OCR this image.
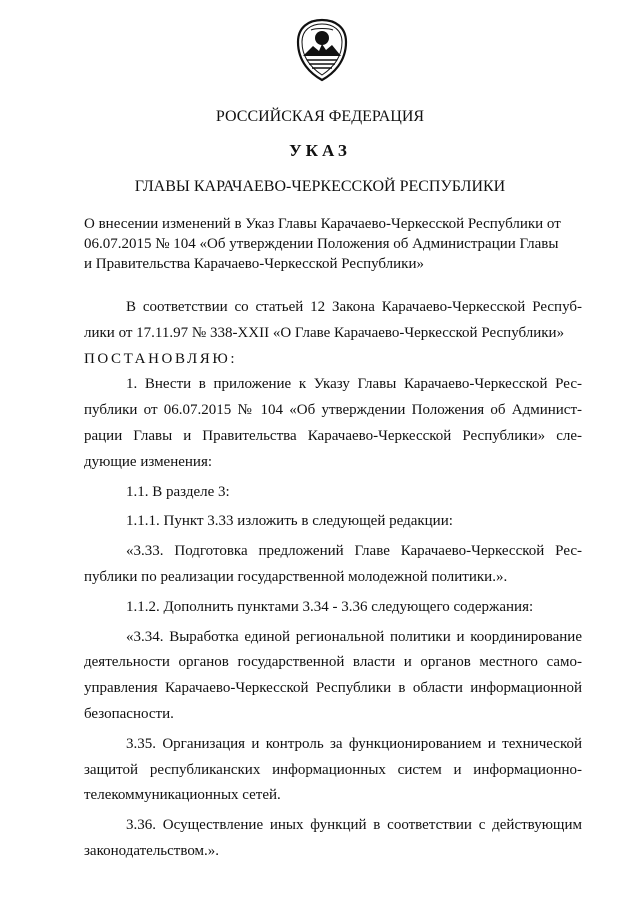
РОССИЙСКАЯ ФЕДЕРАЦИЯ
УКАЗ
ГЛАВЫ КАРАЧАЕВО-ЧЕРКЕССКОЙ РЕСПУБЛИКИ
О внесении изменений в Указ Главы Карачаево-Черкесской Республики от
06.07.2015 № 104 «Об утверждении Положения об Администрации Главы
и Правительства Карачаево-Черкесской Республики»

В соответствии со статьей 12 Закона Карачаево-Черкесской Респуб-
лики от 17.11.97 № 338-XXII «О Главе Карачаево-Черкесской Республики»

ПОСТАНОВЛЯЮ:

1. Внести в приложение к Указу Главы Карачаево-Черкесской Рес-
публики от 06.07.2015 № 104 «Об утверждении Положения об Админист-
рации Главы и Правительства Карачаево-Черкесской Республики» сле-
дующие изменения:

1.1. В разделе 3:

1.1.1. Пункт 3.33 изложить в следующей редакции:

«3.33. Подготовка предложений Главе Карачаево-Черкесской Рес-
публики по реализации государственной молодежной политики.».

1.1.2. Дополнить пунктами 3.34 - 3.36 следующего содержания:

«3.34. Выработка единой региональной политики и координирование
деятельности органов государственной власти и органов местного само-
управления Карачаево-Черкесской Республики в области информационной
безопасности.

3.35. Организация и контроль за функционированием и технической
защитой республиканских информационных систем и информационно-
телекоммуникационных сетей.

3.36. Осуществление иных функций в соответствии с действующим
законодательством.».
